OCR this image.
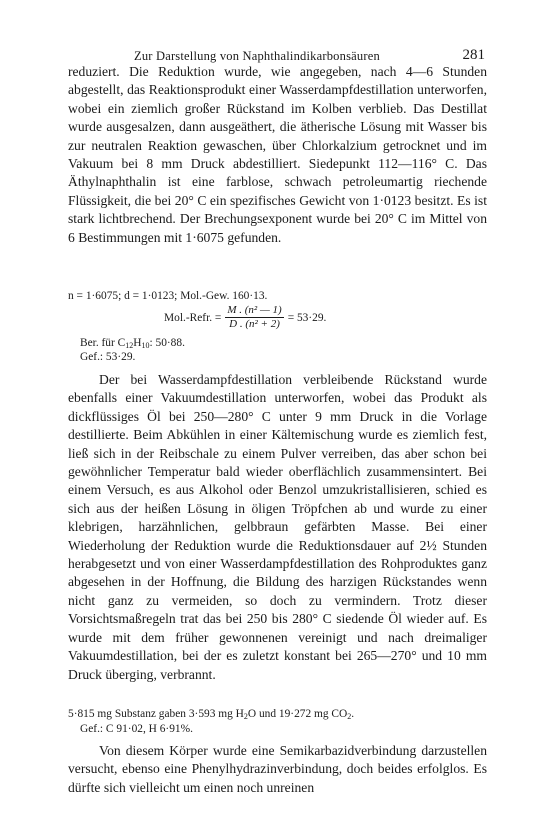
Zur Darstellung von Naphthalindikarbonsäuren	281

reduziert. Die Reduktion wurde, wie angegeben, nach 4—6 Stunden abgestellt, das Reaktionsprodukt einer Wasserdampfdestillation unterworfen, wobei ein ziemlich großer Rückstand im Kolben verblieb. Das Destillat wurde ausgesalzen, dann ausgeäthert, die ätherische Lösung mit Wasser bis zur neutralen Reaktion gewaschen, über Chlorkalzium getrocknet und im Vakuum bei 8 mm Druck abdestilliert. Siedepunkt 112—116° C. Das Äthylnaphthalin ist eine farblose, schwach petroleumartig riechende Flüssigkeit, die bei 20° C ein spezifisches Gewicht von 1·0123 besitzt. Es ist stark lichtbrechend. Der Brechungsexponent wurde bei 20° C im Mittel von 6 Bestimmungen mit 1·6075 gefunden.

n = 1·6075; d = 1·0123; Mol.-Gew. 160·13.
Mol.-Refr. = $\frac{\text{M . (n² — 1)}}{\text{D . (n² + 2)}} = 53\cdot 29$.
Ber. für $C_{12}H_{10}$: 50·88.
Gef.: 53·29.

Der bei Wasserdampfdestillation verbleibende Rückstand wurde ebenfalls einer Vakuumdestillation unterworfen, wobei das Produkt als dickflüssiges Öl bei 250—280° C unter 9 mm Druck in die Vorlage destillierte. Beim Abkühlen in einer Kältemischung wurde es ziemlich fest, ließ sich in der Reibschale zu einem Pulver verreiben, das aber schon bei gewöhnlicher Temperatur bald wieder oberflächlich zusammensintert. Bei einem Versuch, es aus Alkohol oder Benzol umzukristallisieren, schied es sich aus der heißen Lösung in öligen Tröpfchen ab und wurde zu einer klebrigen, harzähnlichen, gelbbraun gefärbten Masse. Bei einer Wiederholung der Reduktion wurde die Reduktionsdauer auf 2½ Stunden herabgesetzt und von einer Wasserdampfdestillation des Rohproduktes ganz abgesehen in der Hoffnung, die Bildung des harzigen Rückstandes wenn nicht ganz zu vermeiden, so doch zu vermindern. Trotz dieser Vorsichtsmaßregeln trat das bei 250 bis 280° C siedende Öl wieder auf. Es wurde mit dem früher gewonnenen vereinigt und nach dreimaliger Vakuumdestillation, bei der es zuletzt konstant bei 265—270° und 10 mm Druck überging, verbrannt.

5·815 mg Substanz gaben 3·593 mg $H_2O$ und 19·272 mg $CO_2$.
Gef.: C 91·02, H 6·91%.

Von diesem Körper wurde eine Semikarbazidverbindung darzustellen versucht, ebenso eine Phenylhydrazinverbindung, doch beides erfolglos. Es dürfte sich vielleicht um einen noch unreinen
